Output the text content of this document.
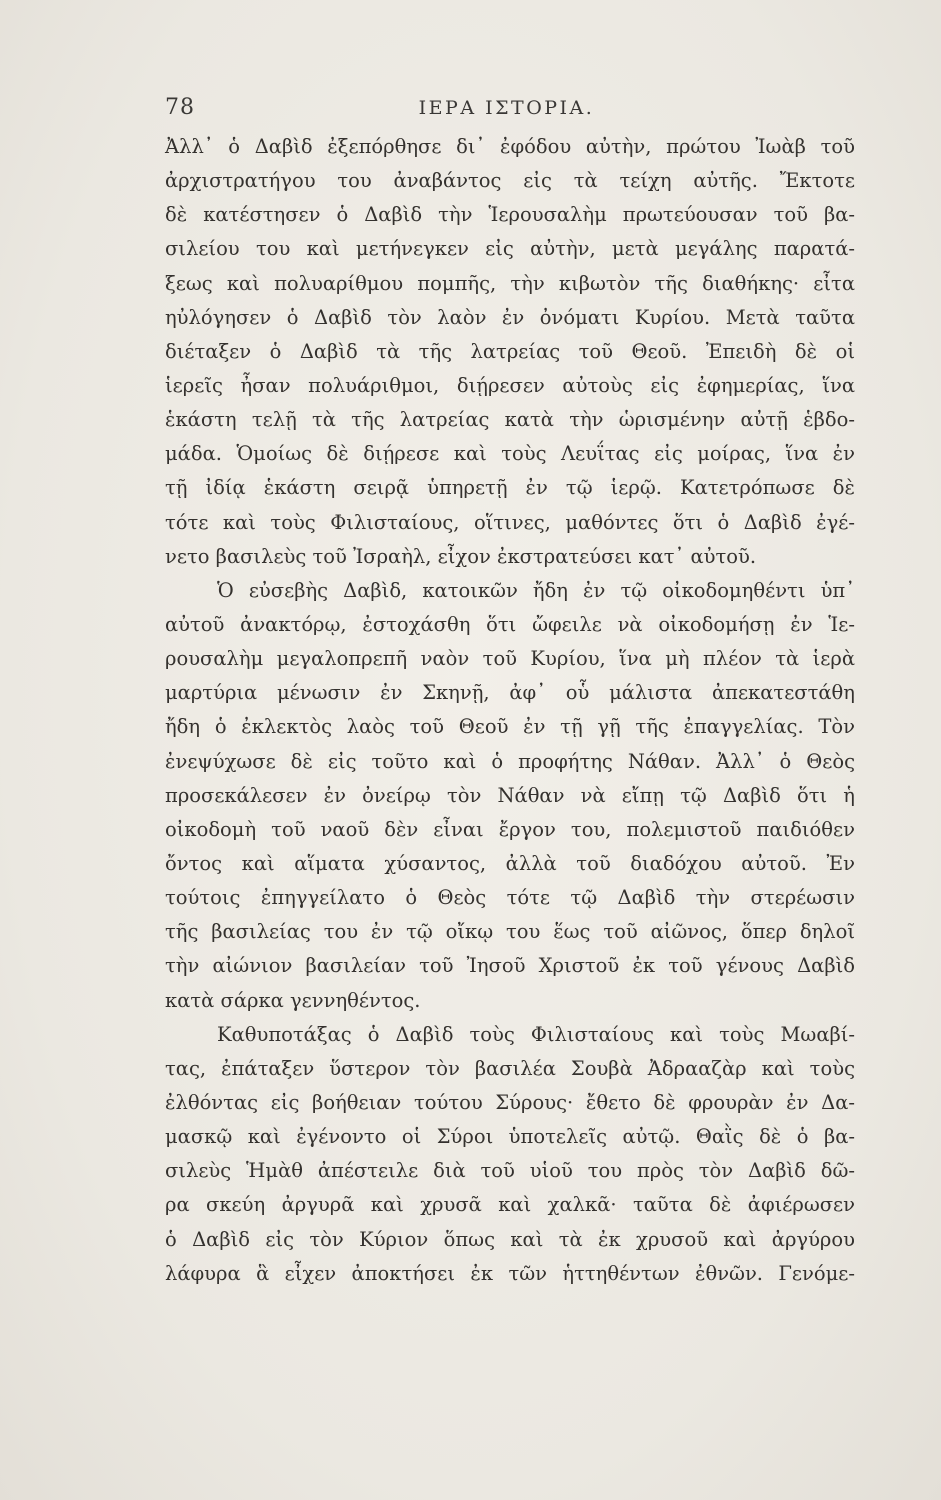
78	ΙΕΡΑ ΙΣΤΟΡΙΑ.
Ἀλλ᾽ ὁ Δαβὶδ ἐξεπόρθησε δι᾽ ἐφόδου αὐτὴν, πρώτου Ἰωὰβ τοῦ
ἀρχιστρατήγου του ἀναβάντος εἰς τὰ τείχη αὐτῆς. Ἔκτοτε
δὲ κατέστησεν ὁ Δαβὶδ τὴν Ἱερουσαλὴμ πρωτεύουσαν τοῦ βα-
σιλείου του καὶ μετήνεγκεν εἰς αὐτὴν, μετὰ μεγάλης παρατά-
ξεως καὶ πολυαρίθμου πομπῆς, τὴν κιβωτὸν τῆς διαθήκης· εἶτα
ηὐλόγησεν ὁ Δαβὶδ τὸν λαὸν ἐν ὀνόματι Κυρίου. Μετὰ ταῦτα
διέταξεν ὁ Δαβὶδ τὰ τῆς λατρείας τοῦ Θεοῦ. Ἐπειδὴ δὲ οἱ
ἱερεῖς ἦσαν πολυάριθμοι, διῄρεσεν αὐτοὺς εἰς ἐφημερίας, ἵνα
ἑκάστη τελῇ τὰ τῆς λατρείας κατὰ τὴν ὡρισμένην αὐτῇ ἑβδο-
μάδα. Ὁμοίως δὲ διῄρεσε καὶ τοὺς Λευΐτας εἰς μοίρας, ἵνα ἐν
τῇ ἰδίᾳ ἑκάστη σειρᾷ ὑπηρετῇ ἐν τῷ ἱερῷ. Κατετρόπωσε δὲ
τότε καὶ τοὺς Φιλισταίους, οἵτινες, μαθόντες ὅτι ὁ Δαβὶδ ἐγέ-
νετο βασιλεὺς τοῦ Ἰσραὴλ, εἶχον ἐκστρατεύσει κατ᾽ αὐτοῦ.
Ὁ εὐσεβὴς Δαβὶδ, κατοικῶν ἤδη ἐν τῷ οἰκοδομηθέντι ὑπ᾽
αὐτοῦ ἀνακτόρῳ, ἐστοχάσθη ὅτι ὤφειλε νὰ οἰκοδομήσῃ ἐν Ἱε-
ρουσαλὴμ μεγαλοπρεπῆ ναὸν τοῦ Κυρίου, ἵνα μὴ πλέον τὰ ἱερὰ
μαρτύρια μένωσιν ἐν Σκηνῇ, ἀφ᾽ οὗ μάλιστα ἀπεκατεστάθη
ἤδη ὁ ἐκλεκτὸς λαὸς τοῦ Θεοῦ ἐν τῇ γῇ τῆς ἐπαγγελίας. Τὸν
ἐνεψύχωσε δὲ εἰς τοῦτο καὶ ὁ προφήτης Νάθαν. Ἀλλ᾽ ὁ Θεὸς
προσεκάλεσεν ἐν ὀνείρῳ τὸν Νάθαν νὰ εἴπῃ τῷ Δαβὶδ ὅτι ἡ
οἰκοδομὴ τοῦ ναοῦ δὲν εἶναι ἔργον του, πολεμιστοῦ παιδιόθεν
ὄντος καὶ αἵματα χύσαντος, ἀλλὰ τοῦ διαδόχου αὐτοῦ. Ἐν
τούτοις ἐπηγγείλατο ὁ Θεὸς τότε τῷ Δαβὶδ τὴν στερέωσιν
τῆς βασιλείας του ἐν τῷ οἴκῳ του ἕως τοῦ αἰῶνος, ὅπερ δηλοῖ
τὴν αἰώνιον βασιλείαν τοῦ Ἰησοῦ Χριστοῦ ἐκ τοῦ γένους Δαβὶδ
κατὰ σάρκα γεννηθέντος.
Καθυποτάξας ὁ Δαβὶδ τοὺς Φιλισταίους καὶ τοὺς Μωαβί-
τας, ἐπάταξεν ὕστερον τὸν βασιλέα Σουβὰ Ἀδρααζὰρ καὶ τοὺς
ἐλθόντας εἰς βοήθειαν τούτου Σύρους· ἔθετο δὲ φρουρὰν ἐν Δα-
μασκῷ καὶ ἐγένοντο οἱ Σύροι ὑποτελεῖς αὐτῷ. Θαῒς δὲ ὁ βα-
σιλεὺς Ἡμὰθ ἀπέστειλε διὰ τοῦ υἱοῦ του πρὸς τὸν Δαβὶδ δῶ-
ρα σκεύη ἀργυρᾶ καὶ χρυσᾶ καὶ χαλκᾶ· ταῦτα δὲ ἀφιέρωσεν
ὁ Δαβὶδ εἰς τὸν Κύριον ὅπως καὶ τὰ ἐκ χρυσοῦ καὶ ἀργύρου
λάφυρα ἃ εἶχεν ἀποκτήσει ἐκ τῶν ἡττηθέντων ἐθνῶν. Γενόμε-
